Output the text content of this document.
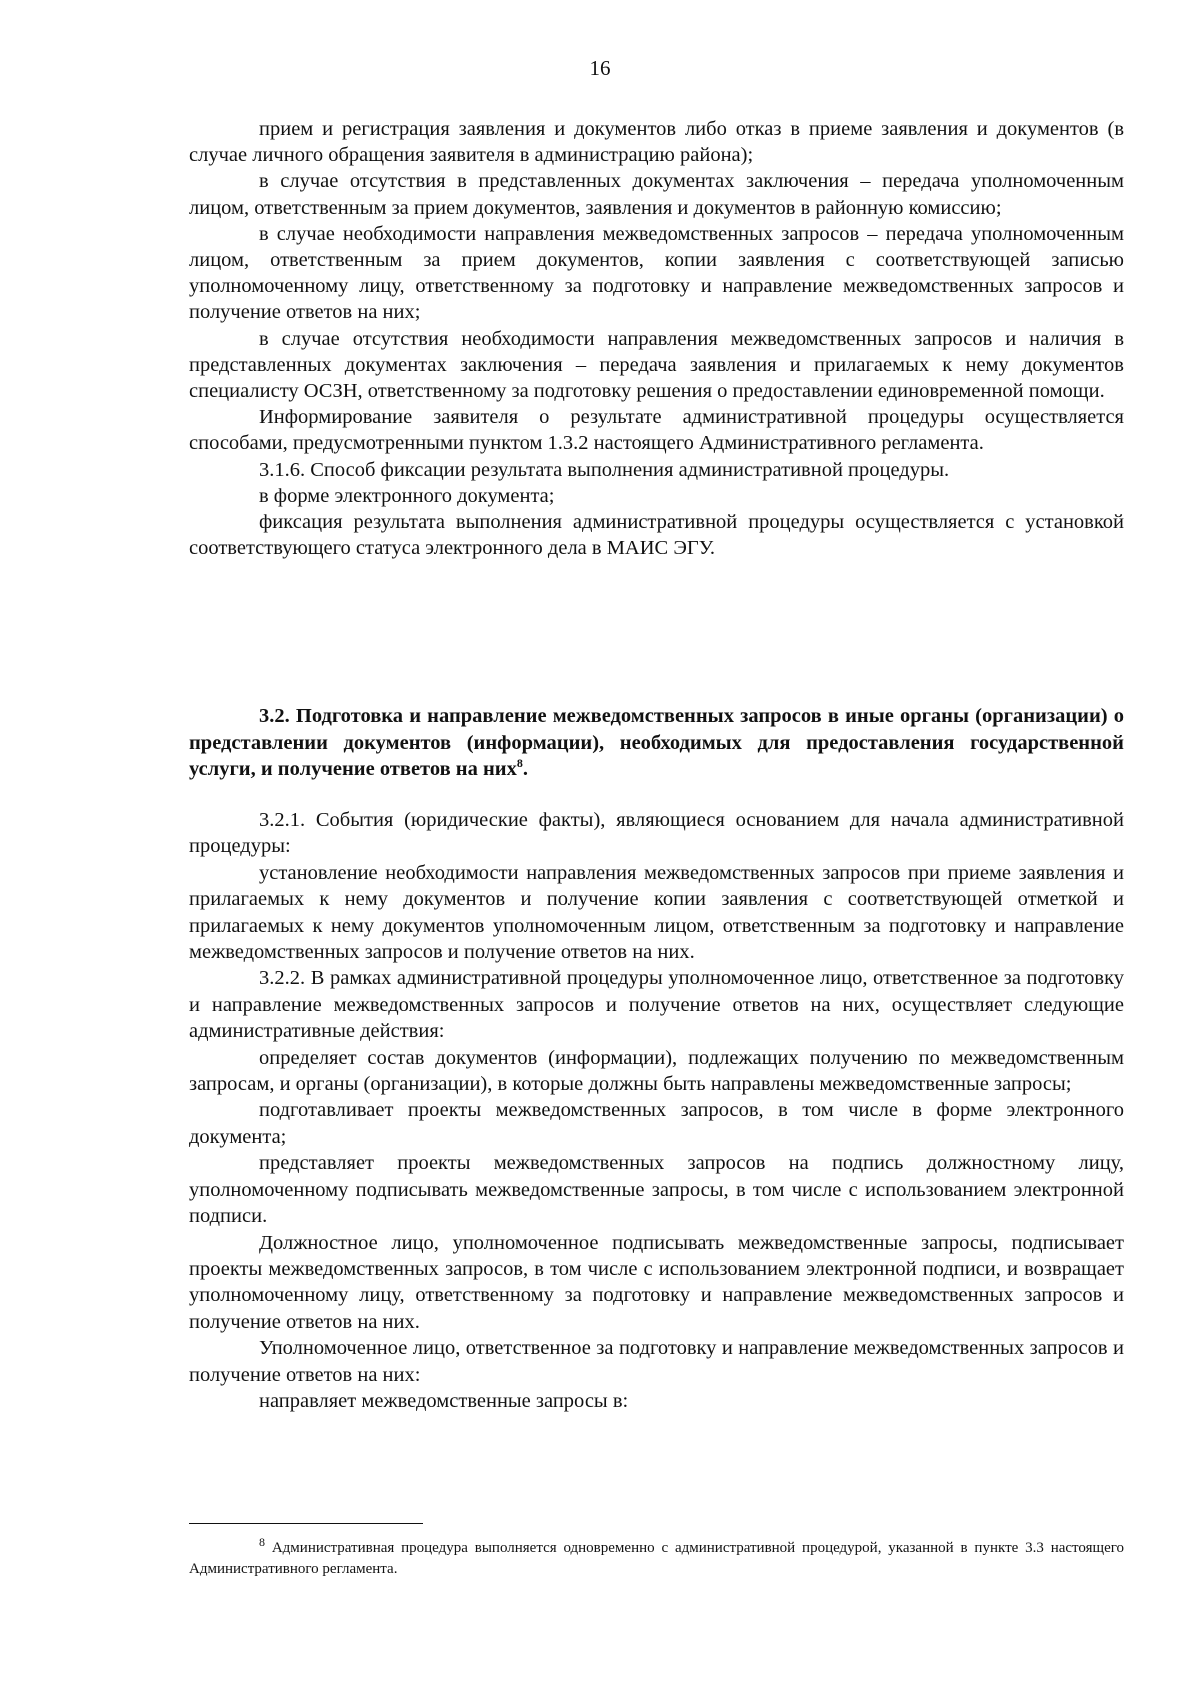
16

прием и регистрация заявления и документов либо отказ в приеме заявления и документов (в случае личного обращения заявителя в администрацию района);

в случае отсутствия в представленных документах заключения – передача уполномоченным лицом, ответственным за прием документов, заявления и документов в районную комиссию;

в случае необходимости направления межведомственных запросов – передача уполномоченным лицом, ответственным за прием документов, копии заявления с соответствующей записью уполномоченному лицу, ответственному за подготовку и направление межведомственных запросов и получение ответов на них;

в случае отсутствия необходимости направления межведомственных запросов и наличия в представленных документах заключения – передача заявления и прилагаемых к нему документов специалисту ОСЗН, ответственному за подготовку решения о предоставлении единовременной помощи.

Информирование заявителя о результате административной процедуры осуществляется способами, предусмотренными пунктом 1.3.2 настоящего Административного регламента.

3.1.6. Способ фиксации результата выполнения административной процедуры.

в форме электронного документа;

фиксация результата выполнения административной процедуры осуществляется с установкой соответствующего статуса электронного дела в МАИС ЭГУ.

3.2. Подготовка и направление межведомственных запросов в иные органы (организации) о представлении документов (информации), необходимых для предоставления государственной услуги, и получение ответов на них$^8$.

3.2.1. События (юридические факты), являющиеся основанием для начала административной процедуры:

установление необходимости направления межведомственных запросов при приеме заявления и прилагаемых к нему документов и получение копии заявления с соответствующей отметкой и прилагаемых к нему документов уполномоченным лицом, ответственным за подготовку и направление межведомственных запросов и получение ответов на них.

3.2.2. В рамках административной процедуры уполномоченное лицо, ответственное за подготовку и направление межведомственных запросов и получение ответов на них, осуществляет следующие административные действия:

определяет состав документов (информации), подлежащих получению по межведомственным запросам, и органы (организации), в которые должны быть направлены межведомственные запросы;

подготавливает проекты межведомственных запросов, в том числе в форме электронного документа;

представляет проекты межведомственных запросов на подпись должностному лицу, уполномоченному подписывать межведомственные запросы, в том числе с использованием электронной подписи.

Должностное лицо, уполномоченное подписывать межведомственные запросы, подписывает проекты межведомственных запросов, в том числе с использованием электронной подписи, и возвращает уполномоченному лицу, ответственному за подготовку и направление межведомственных запросов и получение ответов на них.

Уполномоченное лицо, ответственное за подготовку и направление межведомственных запросов и получение ответов на них:

направляет межведомственные запросы в:

$^8$ Административная процедура выполняется одновременно с административной процедурой, указанной в пункте 3.3 настоящего Административного регламента.
